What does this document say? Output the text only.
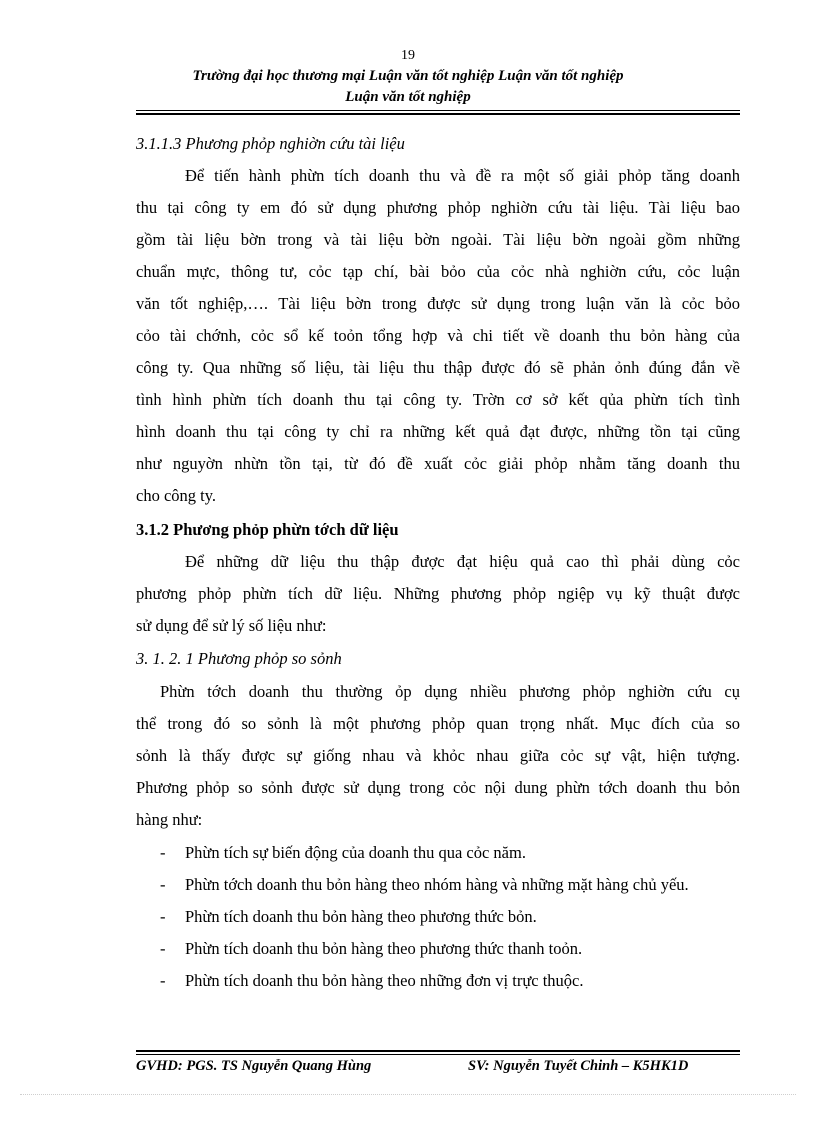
19
Trường đại học thương mại Luận văn tốt nghiệp Luận văn tốt nghiệp
Luận văn tốt nghiệp
3.1.1.3 Phương phỏp nghiờn cứu tài liệu
Để tiến hành phừn tích doanh thu và đề ra một số giải phỏp tăng doanh
thu tại công ty em đó sử dụng phương phỏp nghiờn cứu tài liệu. Tài liệu bao
gồm tài liệu bờn trong và tài liệu bờn ngoài. Tài liệu bờn ngoài gồm những
chuẩn mực, thông tư, cỏc tạp chí, bài bỏo của cỏc nhà nghiờn cứu, cỏc luận
văn tốt nghiệp,…. Tài liệu bờn trong được sử dụng trong luận văn là cỏc bỏo
cỏo tài chớnh, cỏc sổ kế toỏn tổng hợp và chi tiết về doanh thu bỏn hàng của
công ty. Qua những số liệu, tài liệu thu thập được đó sẽ phản ỏnh đúng đắn về
tình hình phừn tích doanh thu tại công ty. Trờn cơ sở kết qủa phừn tích tình
hình doanh thu tại công ty chỉ ra những kết quả đạt được, những tồn tại cũng
như nguyờn nhừn tồn tại, từ đó đề xuất cỏc giải phỏp nhằm tăng doanh thu
cho công ty.
3.1.2 Phương phỏp phừn tớch dữ liệu
Để những dữ liệu thu thập được đạt hiệu quả cao thì phải dùng cỏc
phương phỏp phừn tích dữ liệu. Những phương phỏp ngiệp vụ kỹ thuật được
sử dụng để sử lý số liệu như:
3. 1. 2. 1 Phương phỏp so sỏnh
Phừn tớch doanh thu thường ỏp dụng nhiều phương phỏp nghiờn cứu cụ
thể trong đó so sỏnh là một phương phỏp quan trọng nhất. Mục đích của so
sỏnh là thấy được sự giống nhau và khỏc nhau giữa cỏc sự vật, hiện tượng.
Phương phỏp so sỏnh được sử dụng trong cỏc nội dung phừn tớch doanh thu bỏn
hàng như:
- Phừn tích sự biến động của doanh thu qua cỏc năm.
- Phừn tớch doanh thu bỏn hàng theo nhóm hàng và những mặt hàng chủ yếu.
- Phừn tích doanh thu bỏn hàng theo phương thức bỏn.
- Phừn tích doanh thu bỏn hàng theo phương thức thanh toỏn.
- Phừn tích doanh thu bỏn hàng theo những đơn vị trực thuộc.
GVHD: PGS. TS Nguyễn Quang Hùng	SV: Nguyễn Tuyết Chinh – K5HK1D
